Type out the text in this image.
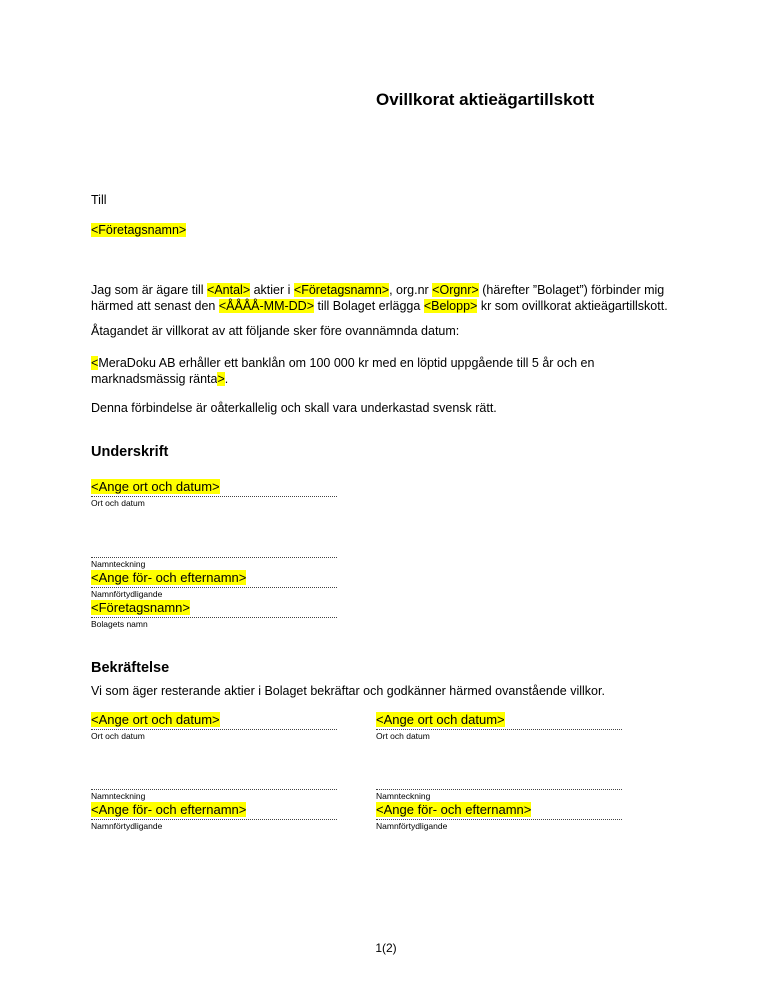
Ovillkorat aktieägartillskott
Till
<Företagsnamn>
Jag som är ägare till <Antal> aktier i <Företagsnamn>, org.nr <Orgnr> (härefter ”Bolaget”) förbinder mig
härmed att senast den <ÅÅÅÅ-MM-DD> till Bolaget erlägga <Belopp> kr som ovillkorat aktieägartillskott.
Åtagandet är villkorat av att följande sker före ovannämnda datum:
<MeraDoku AB erhåller ett banklån om 100 000 kr med en löptid uppgående till 5 år och en
marknadsmässig ränta>.
Denna förbindelse är oåterkallelig och skall vara underkastad svensk rätt.
Underskrift
<Ange ort och datum>
Ort och datum
Namnteckning
<Ange för- och efternamn>
Namnförtydligande
<Företagsnamn>
Bolagets namn
Bekräftelse
Vi som äger resterande aktier i Bolaget bekräftar och godkänner härmed ovanstående villkor.
<Ange ort och datum>
Ort och datum
Namnteckning
<Ange för- och efternamn>
Namnförtydligande
<Ange ort och datum>
Ort och datum
Namnteckning
<Ange för- och efternamn>
Namnförtydligande
1(2)
